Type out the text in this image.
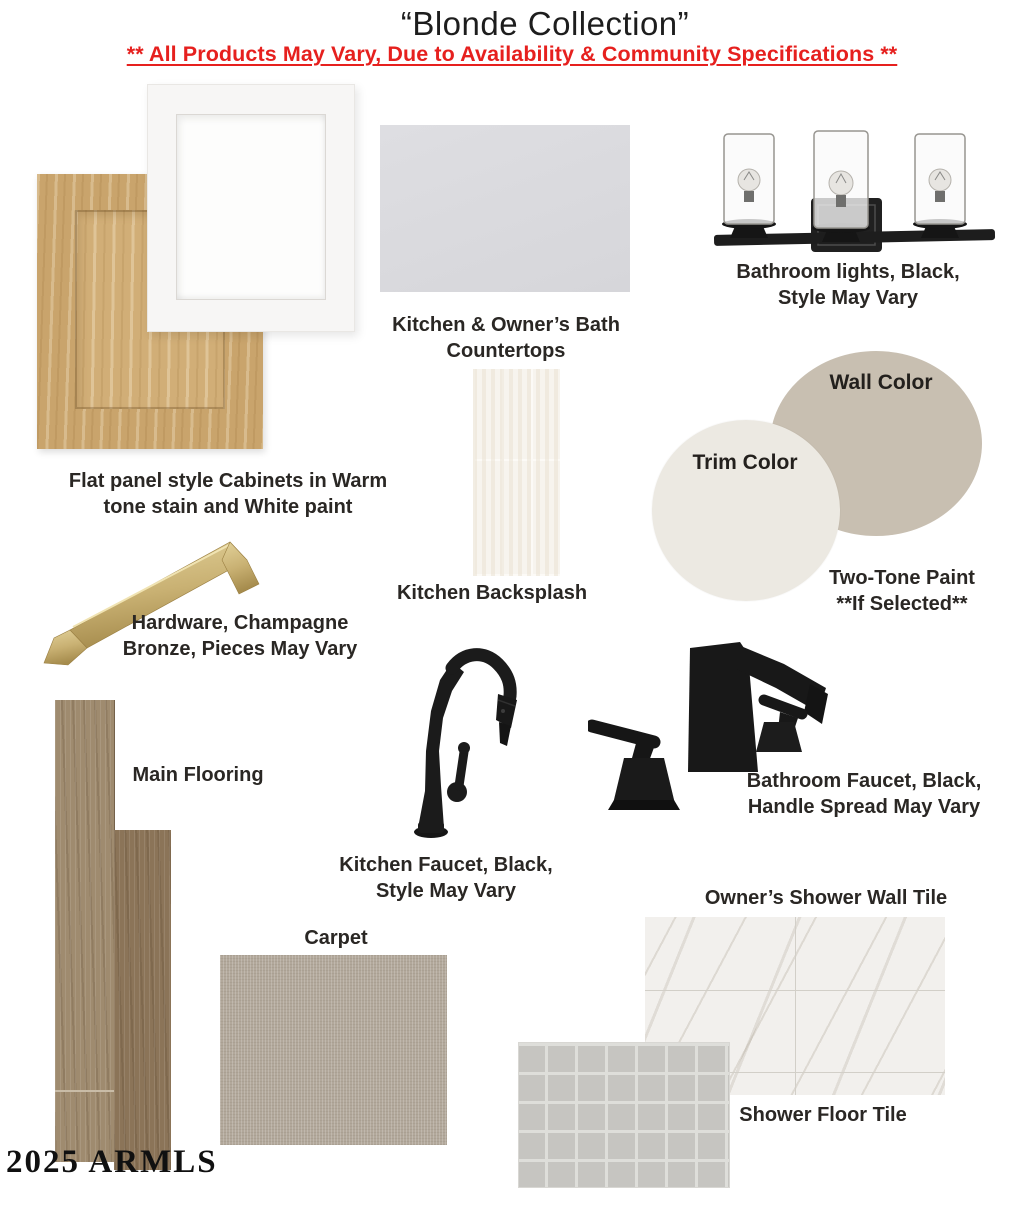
“Blonde Collection”
** All Products May Vary, Due to Availability & Community Specifications **
Flat panel style Cabinets in Warm
tone stain and White paint
Kitchen & Owner’s Bath
Countertops
Bathroom lights, Black,
Style May Vary
Kitchen Backsplash
Wall Color
Trim Color
Two-Tone Paint
**If Selected**
Hardware, Champagne
Bronze, Pieces May Vary
Main Flooring
Kitchen Faucet, Black,
Style May Vary
Bathroom Faucet, Black,
Handle Spread May Vary
Carpet
Owner’s Shower Wall Tile
Shower Floor Tile
2025 ARMLS
